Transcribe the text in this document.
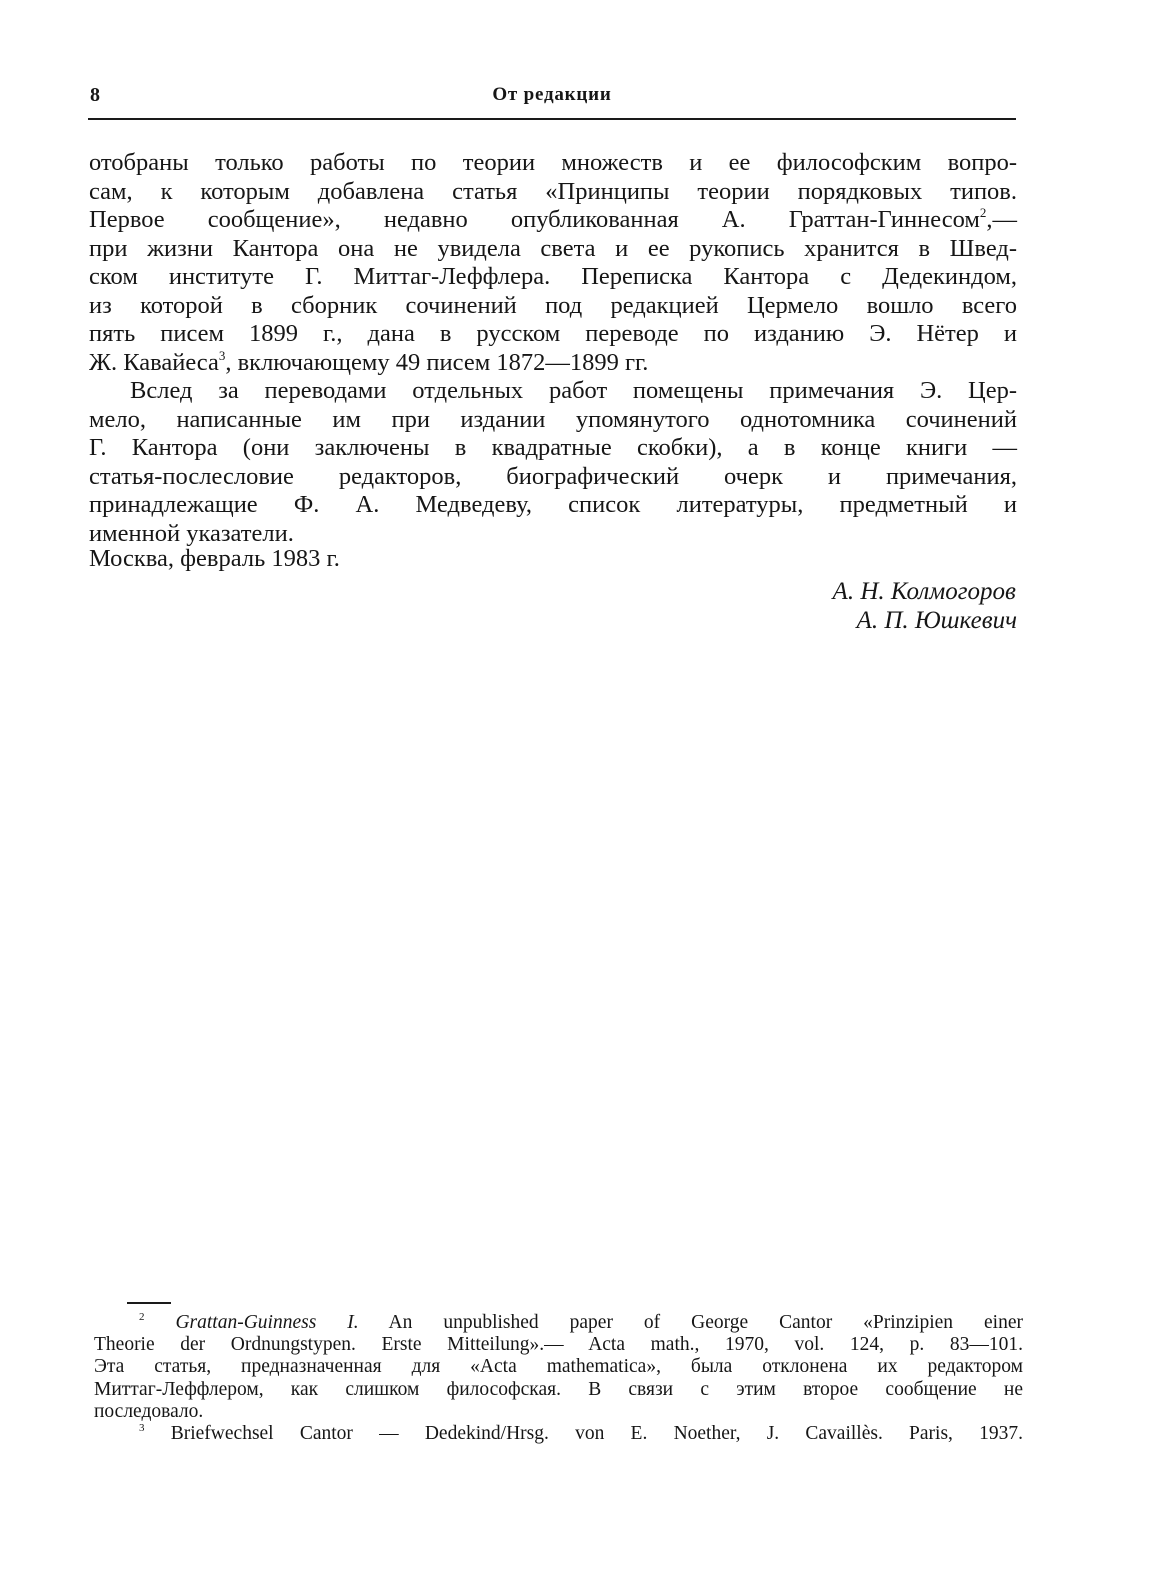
8	От редакции

отобраны только работы по теории множеств и ее философским вопро-
сам, к которым добавлена статья «Принципы теории порядковых типов.
Первое сообщение», недавно опубликованная А. Граттан-Гиннесом$^2$,—
при жизни Кантора она не увидела света и ее рукопись хранится в Швед-
ском институте Г. Миттаг-Леффлера. Переписка Кантора с Дедекиндом,
из которой в сборник сочинений под редакцией Цермело вошло всего
пять писем 1899 г., дана в русском переводе по изданию Э. Нётер и
Ж. Кавайеса$^3$, включающему 49 писем 1872—1899 гг.

Вслед за переводами отдельных работ помещены примечания Э. Цер-
мело, написанные им при издании упомянутого однотомника сочинений
Г. Кантора (они заключены в квадратные скобки), а в конце книги —
статья-послесловие редакторов, биографический очерк и примечания,
принадлежащие Ф. А. Медведеву, список литературы, предметный и
именной указатели.

Москва, февраль 1983 г.
А. Н. Колмогоров
А. П. Юшкевич
$^2$ Grattan-Guinness I. An unpublished paper of George Cantor «Prinzipien einer
Theorie der Ordnungstypen. Erste Mitteilung».— Acta math., 1970, vol. 124, p. 83—101.
Эта статья, предназначенная для «Acta mathematica», была отклонена их редактором
Миттаг-Леффлером, как слишком философская. В связи с этим второе сообщение не
последовало.
$^3$ Briefwechsel Cantor — Dedekind/Hrsg. von E. Noether, J. Cavaillès. Paris, 1937.
